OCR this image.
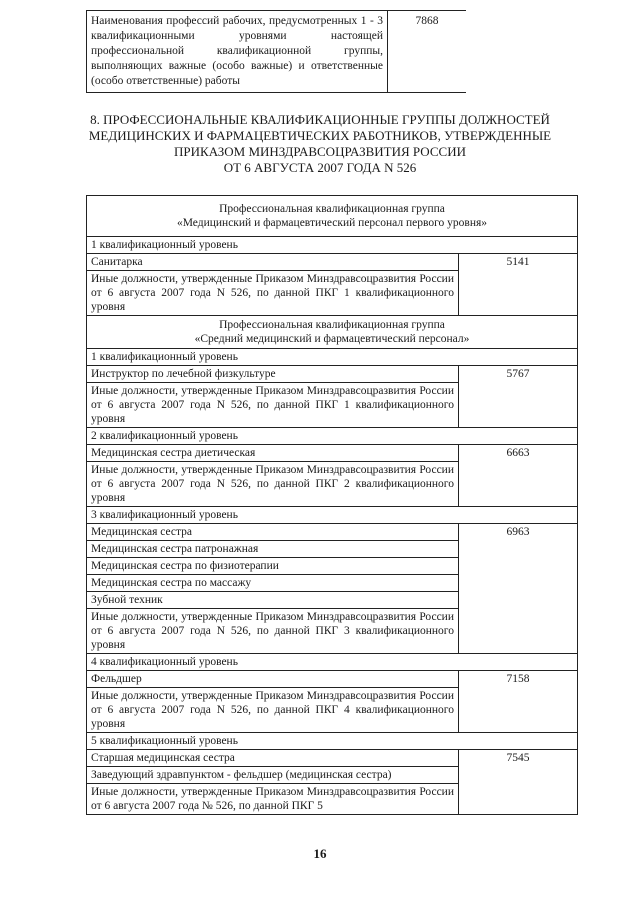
Наименования профессий рабочих, предусмотренных 1 - 3 квалификационными уровнями настоящей профессиональной квалификационной группы, выполняющих важные (особо важные) и ответственные (особо ответственные) работы	7868
8. ПРОФЕССИОНАЛЬНЫЕ КВАЛИФИКАЦИОННЫЕ ГРУППЫ ДОЛЖНОСТЕЙ
МЕДИЦИНСКИХ И ФАРМАЦЕВТИЧЕСКИХ РАБОТНИКОВ, УТВЕРЖДЕННЫЕ
ПРИКАЗОМ МИНЗДРАВСОЦРАЗВИТИЯ РОССИИ
ОТ 6 АВГУСТА 2007 ГОДА N 526
Профессиональная квалификационная группа
«Медицинский и фармацевтический персонал первого уровня»	

1 квалификационный уровень	
Санитарка	5141
Иные должности, утвержденные Приказом Минздравсоцразвития России от 6 августа 2007 года N 526, по данной ПКГ 1 квалификационного уровня	

Профессиональная квалификационная группа
«Средний медицинский и фармацевтический персонал»	

1 квалификационный уровень	
Инструктор по лечебной физкультуре	5767
Иные должности, утвержденные Приказом Минздравсоцразвития России от 6 августа 2007 года N 526, по данной ПКГ 1 квалификационного уровня	
2 квалификационный уровень	
Медицинская сестра диетическая	6663
Иные должности, утвержденные Приказом Минздравсоцразвития России от 6 августа 2007 года N 526, по данной ПКГ 2 квалификационного уровня	
3 квалификационный уровень	
Медицинская сестра	6963
Медицинская сестра патронажная	
Медицинская сестра по физиотерапии	
Медицинская сестра по массажу	
Зубной техник	
Иные должности, утвержденные Приказом Минздравсоцразвития России от 6 августа 2007 года N 526, по данной ПКГ 3 квалификационного уровня	
4 квалификационный уровень	
Фельдшер	7158
Иные должности, утвержденные Приказом Минздравсоцразвития России от 6 августа 2007 года N 526, по данной ПКГ 4 квалификационного уровня	
5 квалификационный уровень	
Старшая медицинская сестра	7545
Заведующий здравпунктом - фельдшер (медицинская сестра)	
Иные должности, утвержденные Приказом Минздравсоцразвития России от 6 августа 2007 года № 526, по данной ПКГ 5	
16
